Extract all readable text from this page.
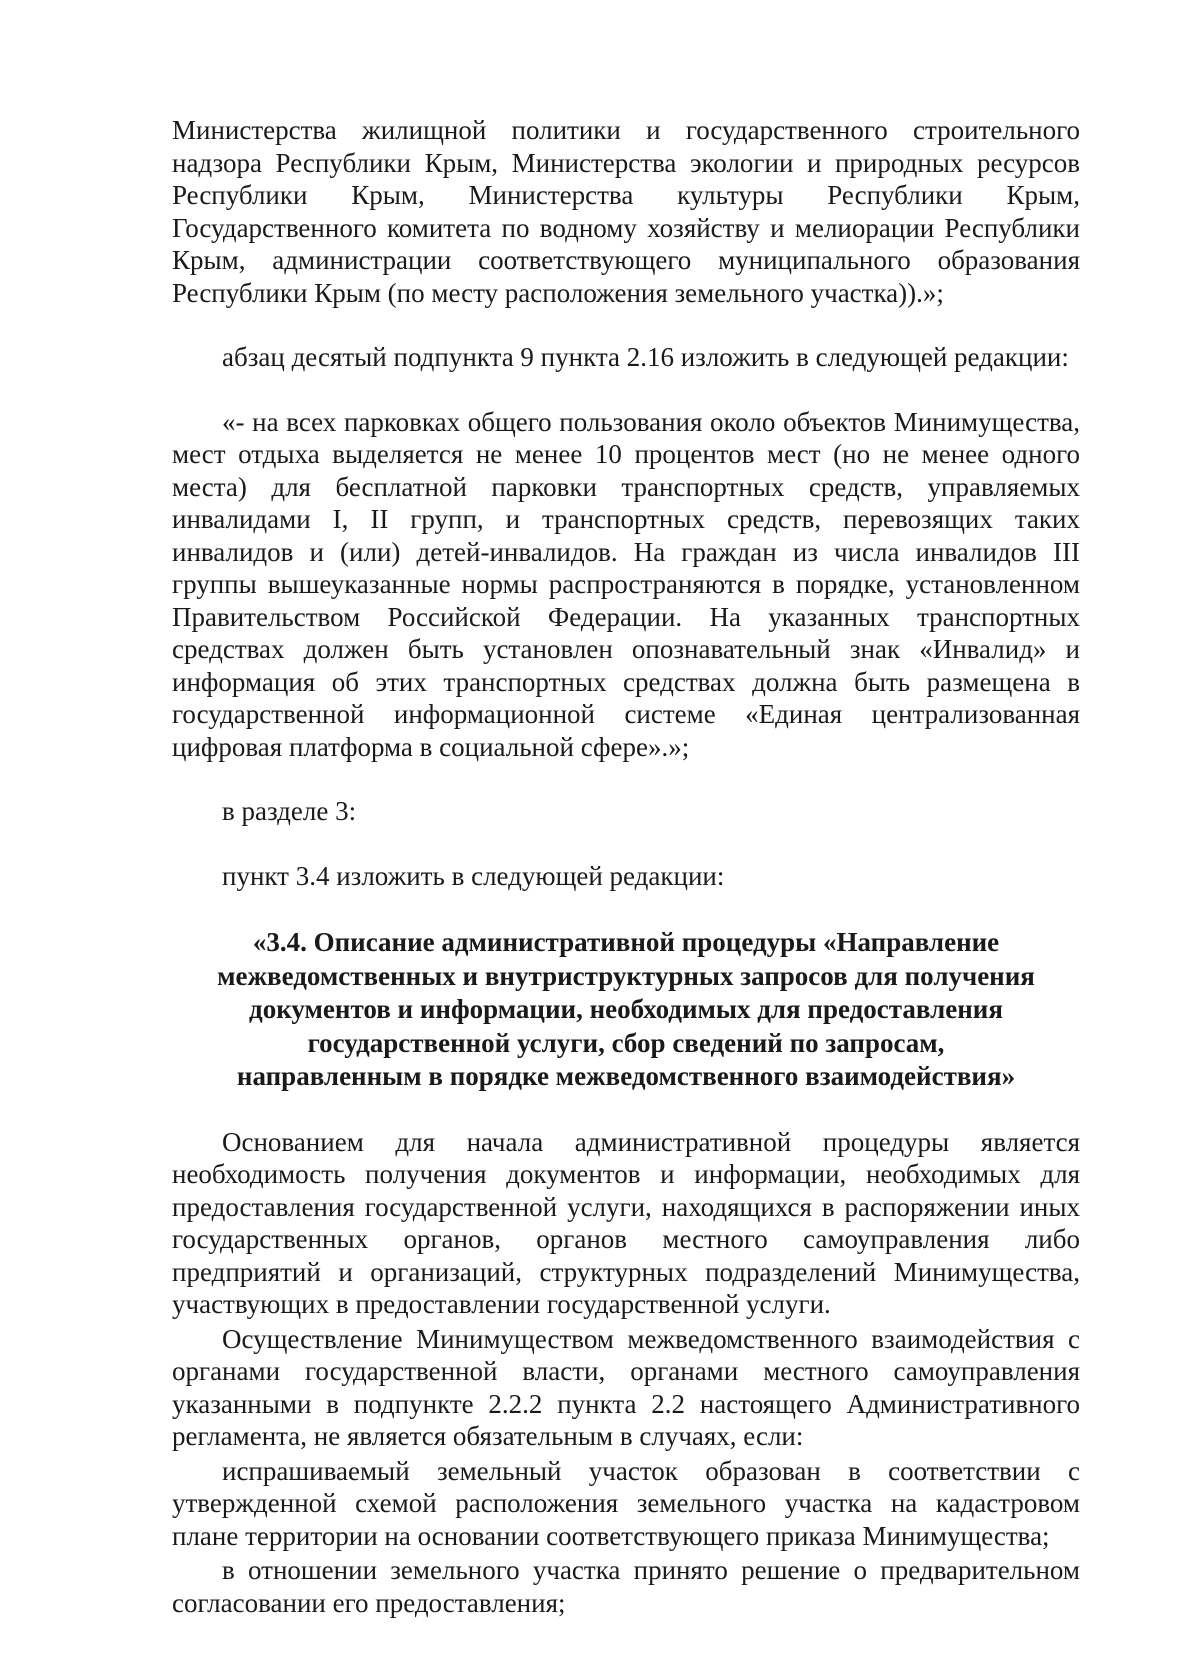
Министерства жилищной политики и государственного строительного надзора Республики Крым, Министерства экологии и природных ресурсов Республики Крым, Министерства культуры Республики Крым, Государственного комитета по водному хозяйству и мелиорации Республики Крым, администрации соответствующего муниципального образования Республики Крым (по месту расположения земельного участка)).»;

абзац десятый подпункта 9 пункта 2.16 изложить в следующей редакции:

«- на всех парковках общего пользования около объектов Минимущества, мест отдыха выделяется не менее 10 процентов мест (но не менее одного места) для бесплатной парковки транспортных средств, управляемых инвалидами I, II групп, и транспортных средств, перевозящих таких инвалидов и (или) детей-инвалидов. На граждан из числа инвалидов III группы вышеуказанные нормы распространяются в порядке, установленном Правительством Российской Федерации. На указанных транспортных средствах должен быть установлен опознавательный знак «Инвалид» и информация об этих транспортных средствах должна быть размещена в государственной информационной системе «Единая централизованная цифровая платформа в социальной сфере».»;

в разделе 3:

пункт 3.4 изложить в следующей редакции:

«3.4. Описание административной процедуры «Направление
межведомственных и внутриструктурных запросов для получения
документов и информации, необходимых для предоставления
государственной услуги, сбор сведений по запросам,
направленным в порядке межведомственного взаимодействия»

Основанием для начала административной процедуры является необходимость получения документов и информации, необходимых для предоставления государственной услуги, находящихся в распоряжении иных государственных органов, органов местного самоуправления либо предприятий и организаций, структурных подразделений Минимущества, участвующих в предоставлении государственной услуги.

Осуществление Минимуществом межведомственного взаимодействия с органами государственной власти, органами местного самоуправления указанными в подпункте 2.2.2 пункта 2.2 настоящего Административного регламента, не является обязательным в случаях, если:

испрашиваемый земельный участок образован в соответствии с утвержденной схемой расположения земельного участка на кадастровом плане территории на основании соответствующего приказа Минимущества;

в отношении земельного участка принято решение о предварительном согласовании его предоставления;
